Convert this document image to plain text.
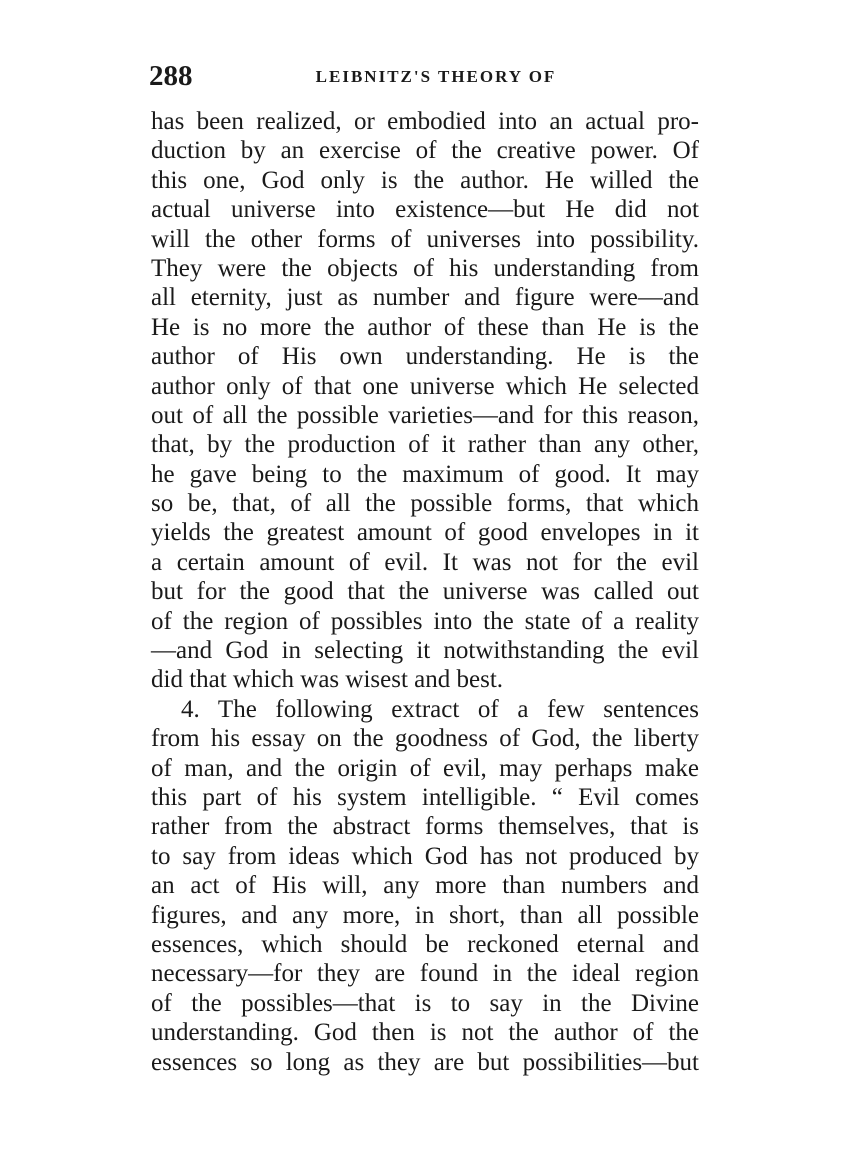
288	LEIBNITZ'S THEORY OF
has been realized, or embodied into an actual pro-
duction by an exercise of the creative power. Of
this one, God only is the author. He willed the
actual universe into existence—but He did not
will the other forms of universes into possibility.
They were the objects of his understanding from
all eternity, just as number and figure were—and
He is no more the author of these than He is the
author of His own understanding. He is the
author only of that one universe which He selected
out of all the possible varieties—and for this reason,
that, by the production of it rather than any other,
he gave being to the maximum of good. It may
so be, that, of all the possible forms, that which
yields the greatest amount of good envelopes in it
a certain amount of evil. It was not for the evil
but for the good that the universe was called out
of the region of possibles into the state of a reality
—and God in selecting it notwithstanding the evil
did that which was wisest and best.
4. The following extract of a few sentences
from his essay on the goodness of God, the liberty
of man, and the origin of evil, may perhaps make
this part of his system intelligible. “ Evil comes
rather from the abstract forms themselves, that is
to say from ideas which God has not produced by
an act of His will, any more than numbers and
figures, and any more, in short, than all possible
essences, which should be reckoned eternal and
necessary—for they are found in the ideal region
of the possibles—that is to say in the Divine
understanding. God then is not the author of the
essences so long as they are but possibilities—but
